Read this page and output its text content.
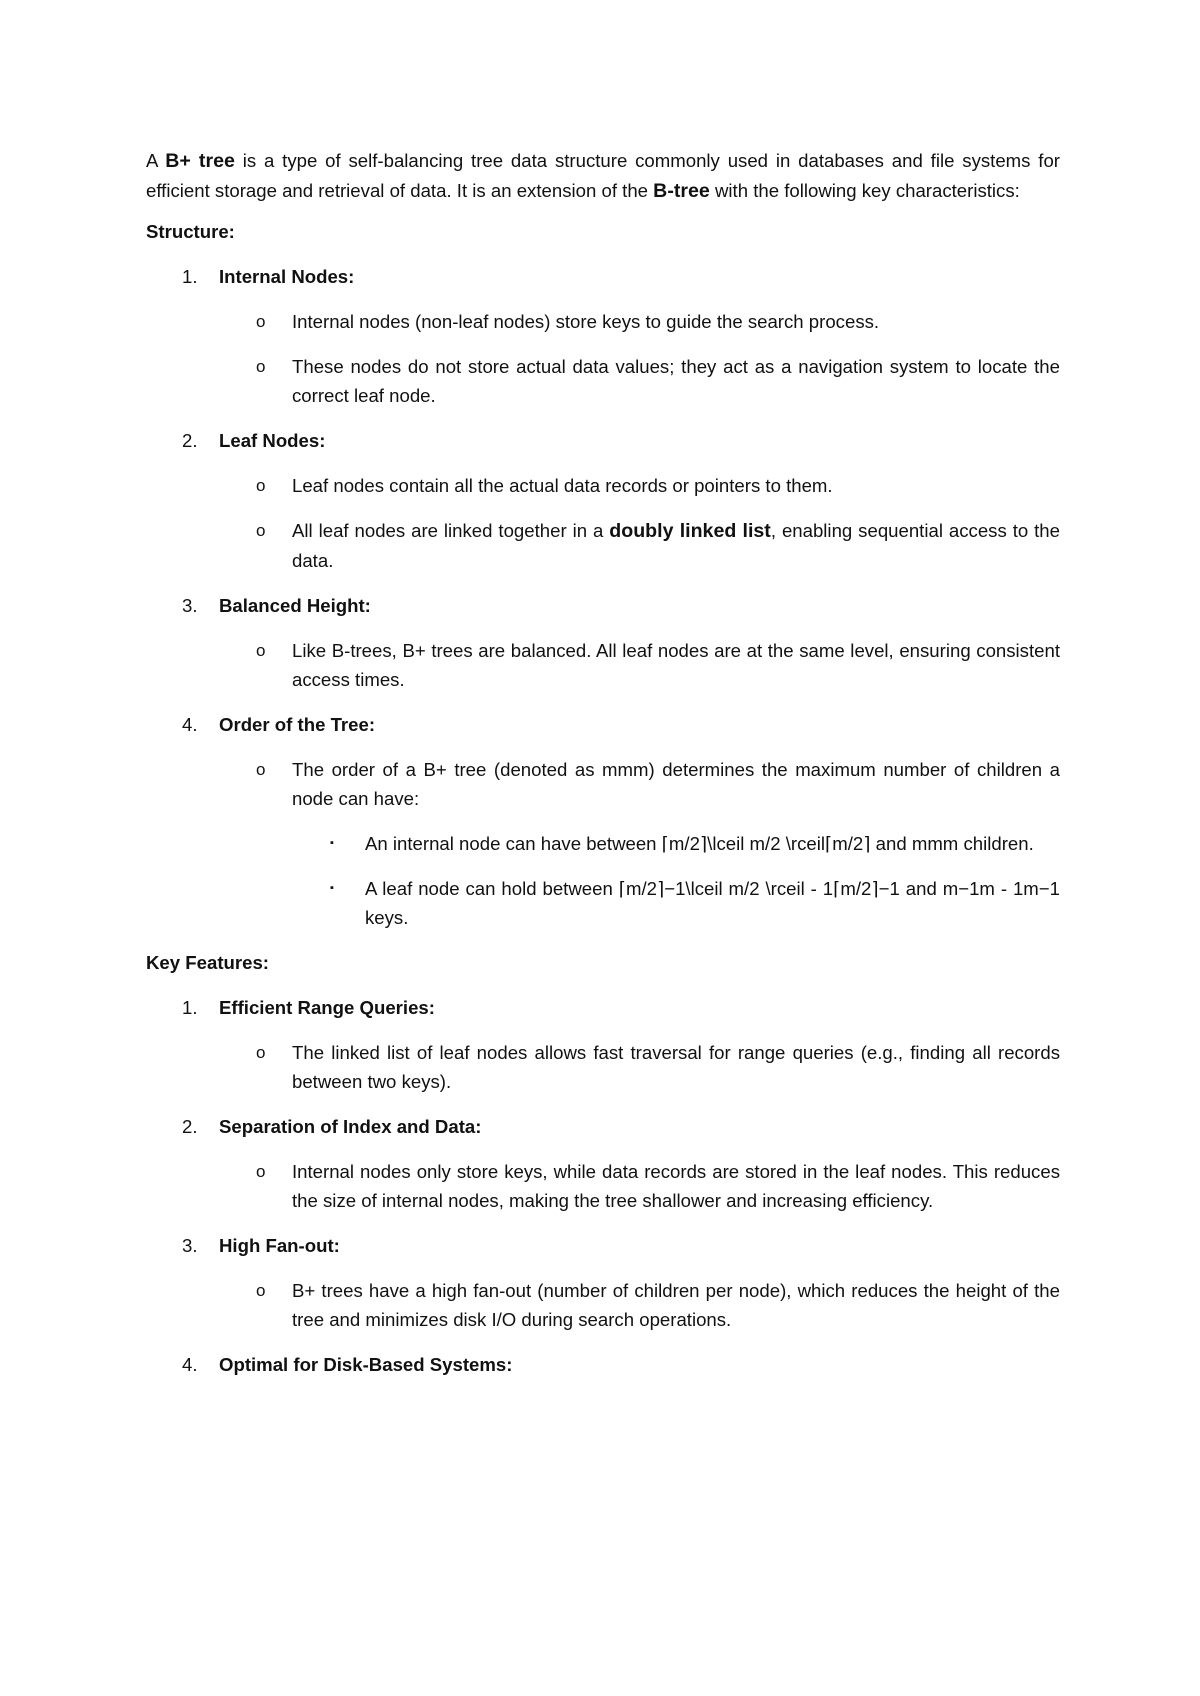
A B+ tree is a type of self-balancing tree data structure commonly used in databases and file systems for efficient storage and retrieval of data. It is an extension of the B-tree with the following key characteristics:

Structure:

1. Internal Nodes:
o Internal nodes (non-leaf nodes) store keys to guide the search process.
o These nodes do not store actual data values; they act as a navigation system to locate the correct leaf node.
2. Leaf Nodes:
o Leaf nodes contain all the actual data records or pointers to them.
o All leaf nodes are linked together in a doubly linked list, enabling sequential access to the data.
3. Balanced Height:
o Like B-trees, B+ trees are balanced. All leaf nodes are at the same level, ensuring consistent access times.
4. Order of the Tree:
o The order of a B+ tree (denoted as mmm) determines the maximum number of children a node can have:
▪ An internal node can have between ⌈m/2⌉\lceil m/2 \rceil⌈m/2⌉ and mmm children.
▪ A leaf node can hold between ⌈m/2⌉−1\lceil m/2 \rceil - 1⌈m/2⌉−1 and m−1m - 1m−1 keys.

Key Features:

1. Efficient Range Queries:
o The linked list of leaf nodes allows fast traversal for range queries (e.g., finding all records between two keys).
2. Separation of Index and Data:
o Internal nodes only store keys, while data records are stored in the leaf nodes. This reduces the size of internal nodes, making the tree shallower and increasing efficiency.
3. High Fan-out:
o B+ trees have a high fan-out (number of children per node), which reduces the height of the tree and minimizes disk I/O during search operations.
4. Optimal for Disk-Based Systems:
